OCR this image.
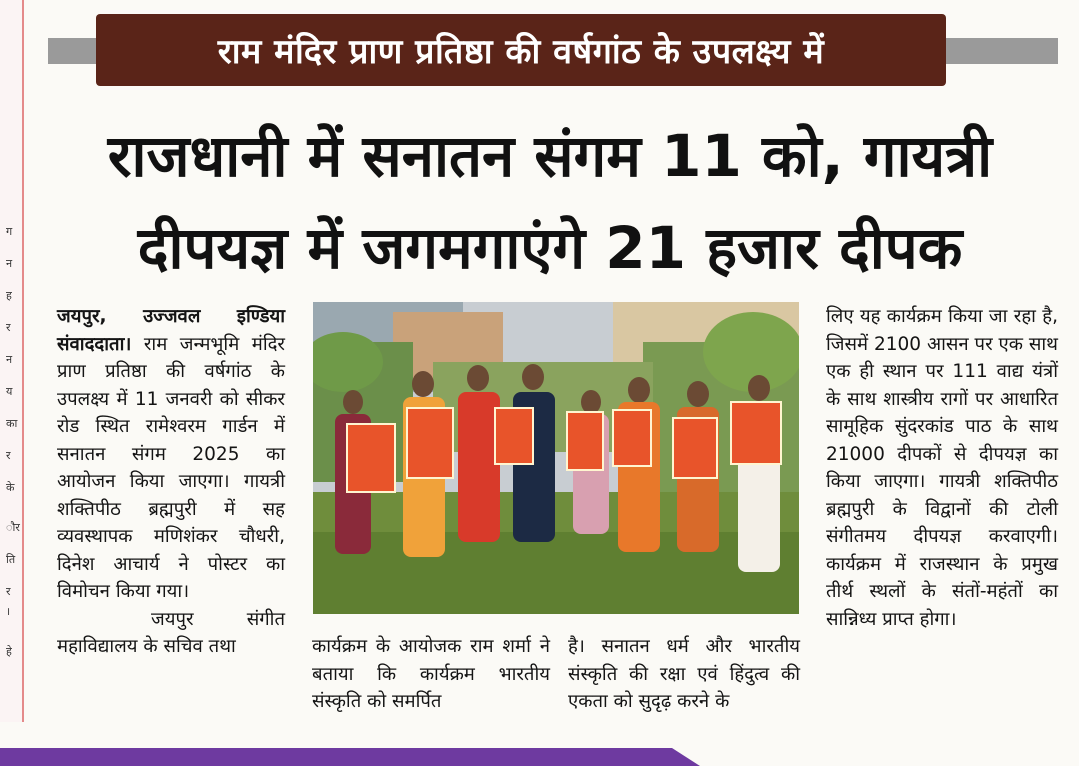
ग
न
ह
र
न
य
का
र
के
ौर
ति
र
।
हे
राम मंदिर प्राण प्रतिष्ठा की वर्षगांठ के उपलक्ष्य में
राजधानी में सनातन संगम 11 को, गायत्री
दीपयज्ञ में जगमगाएंगे 21 हजार दीपक
जयपुर, उज्जवल इण्डिया संवाददाता। राम जन्मभूमि मंदिर प्राण प्रतिष्ठा की वर्षगांठ के उपलक्ष्य में 11 जनवरी को सीकर रोड स्थित रामेश्वरम गार्डन में सनातन संगम 2025 का आयोजन किया जाएगा। गायत्री शक्तिपीठ ब्रह्मपुरी में सह व्यवस्थापक मणिशंकर चौधरी, दिनेश आचार्य ने पोस्टर का विमोचन किया गया।
जयपुर संगीत महाविद्यालय के सचिव तथा	कार्यक्रम के आयोजक राम शर्मा ने बताया कि कार्यक्रम भारतीय संस्कृति को समर्पित
है। सनातन धर्म और भारतीय संस्कृति की रक्षा एवं हिंदुत्व की एकता को सुदृढ़ करने के
लिए यह कार्यक्रम किया जा रहा है, जिसमें 2100 आसन पर एक साथ एक ही स्थान पर 111 वाद्य यंत्रों के साथ शास्त्रीय रागों पर आधारित सामूहिक सुंदरकांड पाठ के साथ 21000 दीपकों से दीपयज्ञ का किया जाएगा। गायत्री शक्तिपीठ ब्रह्मपुरी के विद्वानों की टोली संगीतमय दीपयज्ञ करवाएगी। कार्यक्रम में राजस्थान के प्रमुख तीर्थ स्थलों के संतों-महंतों का सान्निध्य प्राप्त होगा।
